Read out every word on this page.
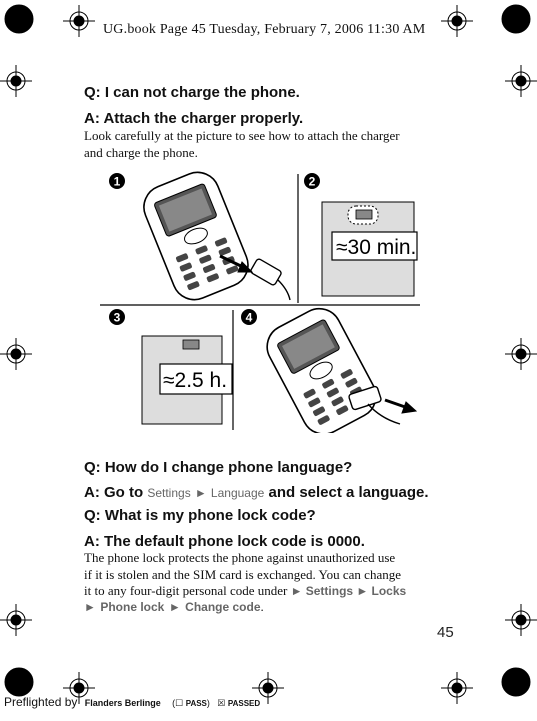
UG.book Page 45 Tuesday, February 7, 2006 11:30 AM
Q: I can not charge the phone.
A: Attach the charger properly.
Look carefully at the picture to see how to attach the charger
and charge the phone.
1	2
3	4
≈30 min.
≈2.5 h.
Q: How do I change phone language?
A: Go to Settings ► Language and select a language.
Q: What is my phone lock code?
A: The default phone lock code is 0000.
The phone lock protects the phone against unauthorized use
if it is stolen and the SIM card is exchanged. You can change
it to any four-digit personal code under ► Settings ► Locks
► Phone lock ► Change code.
45
Preflighted by Flanders Berlinge (☐ PASS) ☒ PASSED
